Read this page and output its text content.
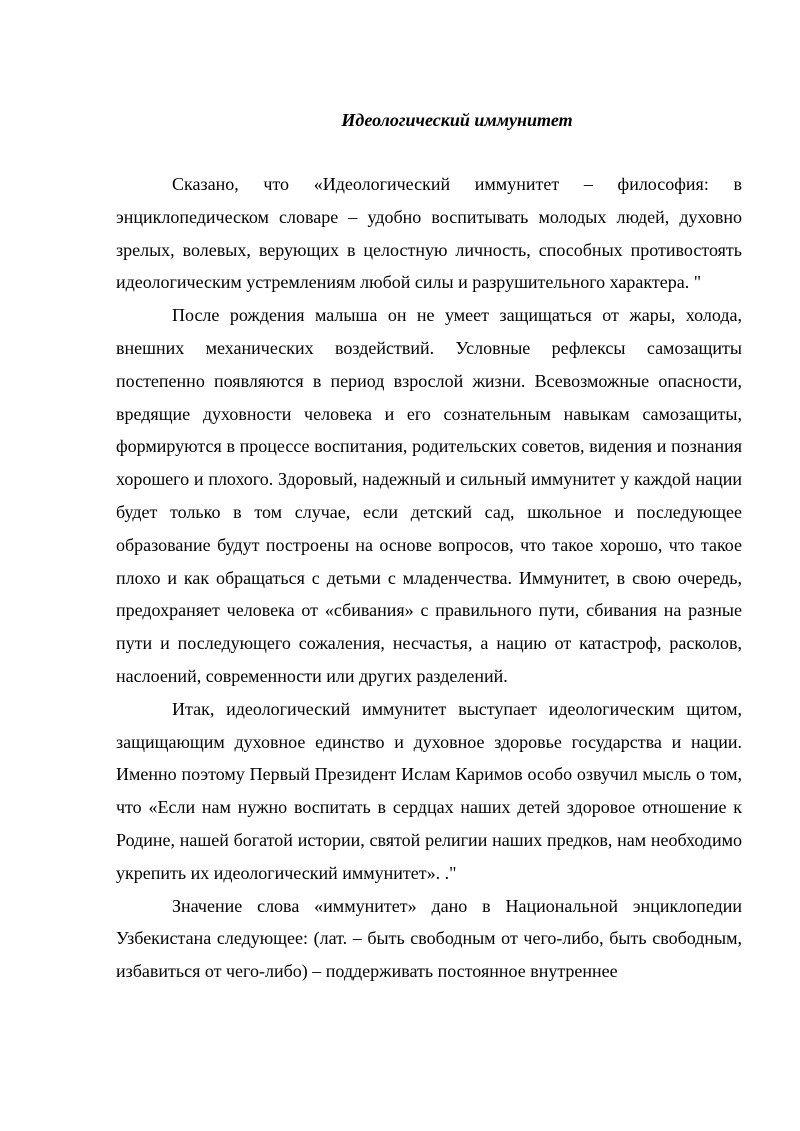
Идеологический иммунитет

Сказано, что «Идеологический иммунитет – философия: в энциклопедическом словаре – удобно воспитывать молодых людей, духовно зрелых, волевых, верующих в целостную личность, способных противостоять идеологическим устремлениям любой силы и разрушительного характера. "

После рождения малыша он не умеет защищаться от жары, холода, внешних механических воздействий. Условные рефлексы самозащиты постепенно появляются в период взрослой жизни. Всевозможные опасности, вредящие духовности человека и его сознательным навыкам самозащиты, формируются в процессе воспитания, родительских советов, видения и познания хорошего и плохого. Здоровый, надежный и сильный иммунитет у каждой нации будет только в том случае, если детский сад, школьное и последующее образование будут построены на основе вопросов, что такое хорошо, что такое плохо и как обращаться с детьми с младенчества. Иммунитет, в свою очередь, предохраняет человека от «сбивания» с правильного пути, сбивания на разные пути и последующего сожаления, несчастья, а нацию от катастроф, расколов, наслоений, современности или других разделений.

Итак, идеологический иммунитет выступает идеологическим щитом, защищающим духовное единство и духовное здоровье государства и нации. Именно поэтому Первый Президент Ислам Каримов особо озвучил мысль о том, что «Если нам нужно воспитать в сердцах наших детей здоровое отношение к Родине, нашей богатой истории, святой религии наших предков, нам необходимо укрепить их идеологический иммунитет». ."

Значение слова «иммунитет» дано в Национальной энциклопедии Узбекистана следующее: (лат. – быть свободным от чего-либо, быть свободным, избавиться от чего-либо) – поддерживать постоянное внутреннее
